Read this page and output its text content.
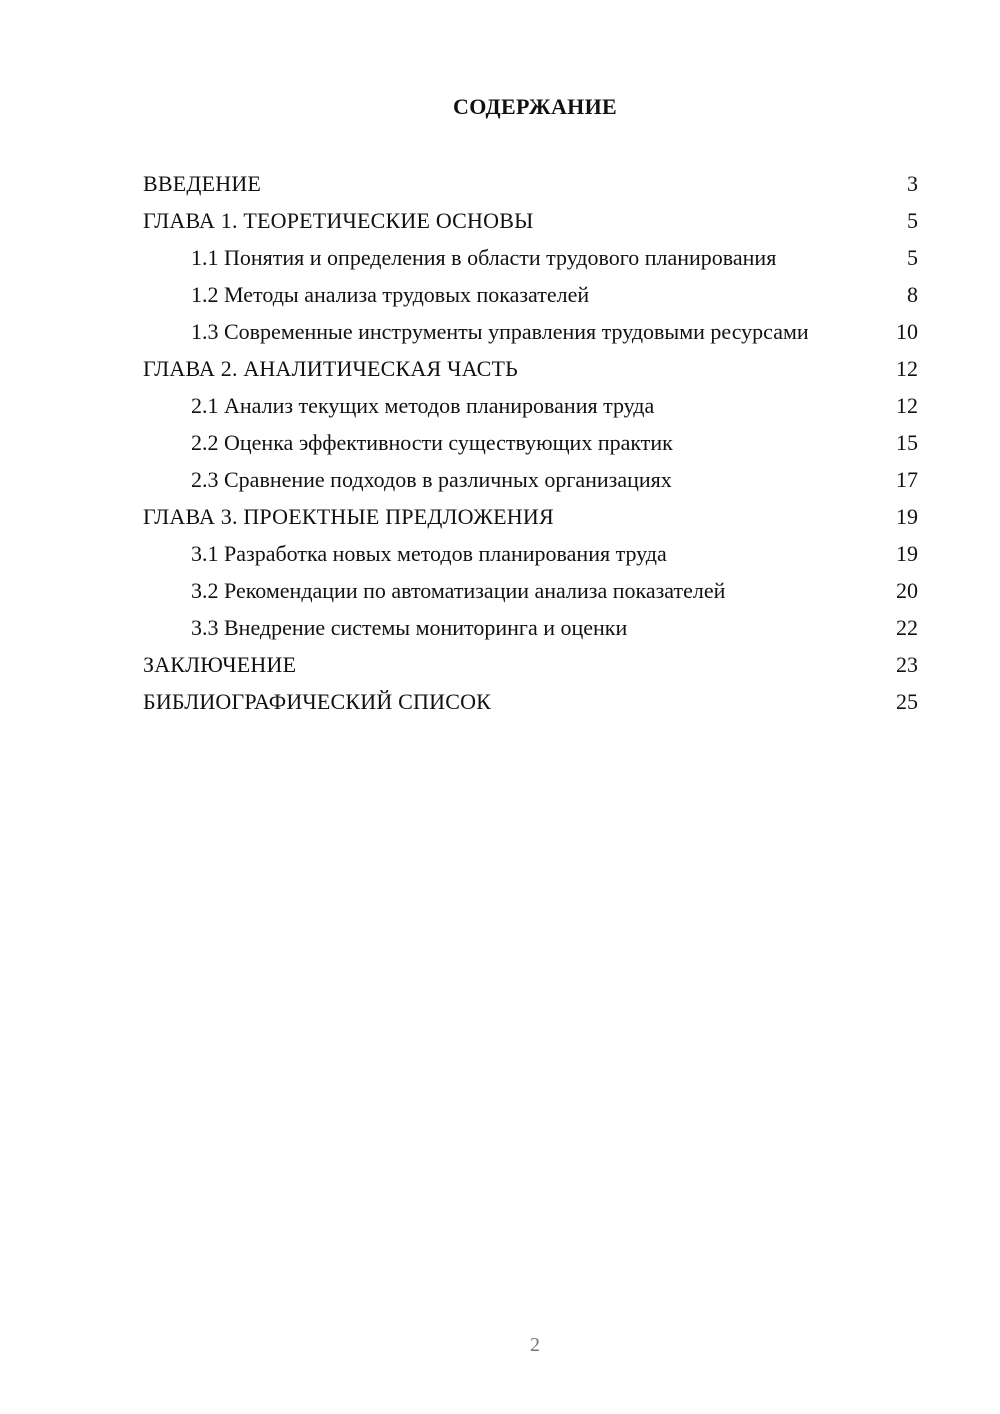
СОДЕРЖАНИЕ
ВВЕДЕНИЕ	3
ГЛАВА 1. ТЕОРЕТИЧЕСКИЕ ОСНОВЫ	5
1.1 Понятия и определения в области трудового планирования	5
1.2 Методы анализа трудовых показателей	8
1.3 Современные инструменты управления трудовыми ресурсами	10
ГЛАВА 2. АНАЛИТИЧЕСКАЯ ЧАСТЬ	12
2.1 Анализ текущих методов планирования труда	12
2.2 Оценка эффективности существующих практик	15
2.3 Сравнение подходов в различных организациях	17
ГЛАВА 3. ПРОЕКТНЫЕ ПРЕДЛОЖЕНИЯ	19
3.1 Разработка новых методов планирования труда	19
3.2 Рекомендации по автоматизации анализа показателей	20
3.3 Внедрение системы мониторинга и оценки	22
ЗАКЛЮЧЕНИЕ	23
БИБЛИОГРАФИЧЕСКИЙ СПИСОК	25
2
